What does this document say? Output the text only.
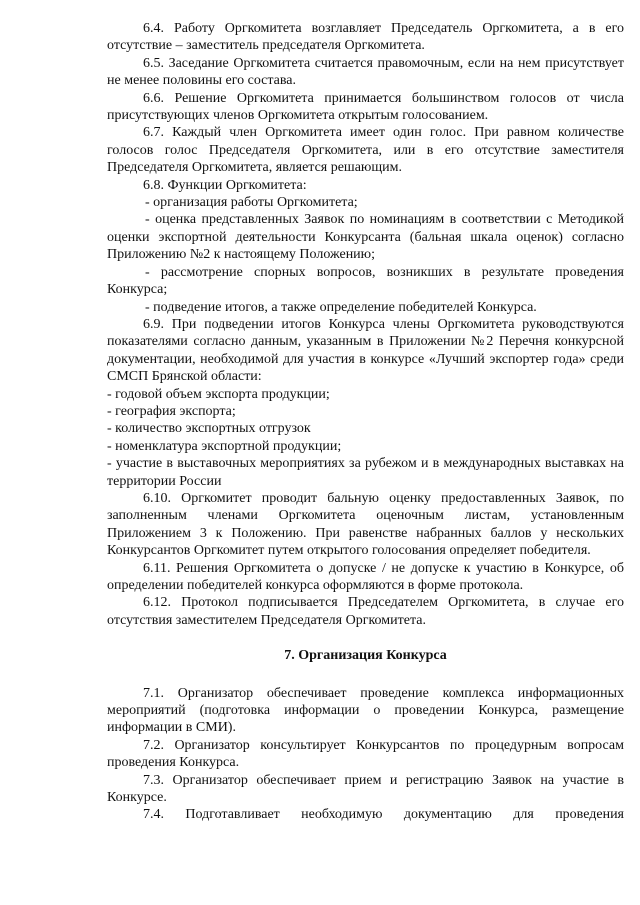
6.4. Работу Оргкомитета возглавляет Председатель Оргкомитета, а в его отсутствие – заместитель председателя Оргкомитета.

6.5. Заседание Оргкомитета считается правомочным, если на нем присутствует не менее половины его состава.

6.6. Решение Оргкомитета принимается большинством голосов от числа присутствующих членов Оргкомитета открытым голосованием.

6.7. Каждый член Оргкомитета имеет один голос. При равном количестве голосов голос Председателя Оргкомитета, или в его отсутствие заместителя Председателя Оргкомитета, является решающим.

6.8. Функции Оргкомитета:

- организация работы Оргкомитета;

- оценка представленных Заявок по номинациям в соответствии с Методикой оценки экспортной деятельности Конкурсанта (бальная шкала оценок) согласно Приложению №2 к настоящему Положению;

- рассмотрение спорных вопросов, возникших в результате проведения Конкурса;

- подведение итогов, а также определение победителей Конкурса.

6.9. При подведении итогов Конкурса члены Оргкомитета руководствуются показателями согласно данным, указанным в Приложении №2 Перечня конкурсной документации, необходимой для участия в конкурсе «Лучший экспортер года» среди СМСП Брянской области:

- годовой объем экспорта продукции;

- география экспорта;

- количество экспортных отгрузок

- номенклатура экспортной продукции;

- участие в выставочных мероприятиях за рубежом и в международных выставках на территории России

6.10. Оргкомитет проводит бальную оценку предоставленных Заявок, по заполненным членами Оргкомитета оценочным листам, установленным Приложением 3 к Положению. При равенстве набранных баллов у нескольких Конкурсантов Оргкомитет путем открытого голосования определяет победителя.

6.11. Решения Оргкомитета о допуске / не допуске к участию в Конкурсе, об определении победителей конкурса оформляются в форме протокола.

6.12. Протокол подписывается Председателем Оргкомитета, в случае его отсутствия заместителем Председателя Оргкомитета.

7. Организация Конкурса

7.1. Организатор обеспечивает проведение комплекса информационных мероприятий (подготовка информации о проведении Конкурса, размещение информации в СМИ).

7.2. Организатор консультирует Конкурсантов по процедурным вопросам проведения Конкурса.

7.3. Организатор обеспечивает прием и регистрацию Заявок на участие в Конкурсе.

7.4. Подготавливает необходимую документацию для проведения
